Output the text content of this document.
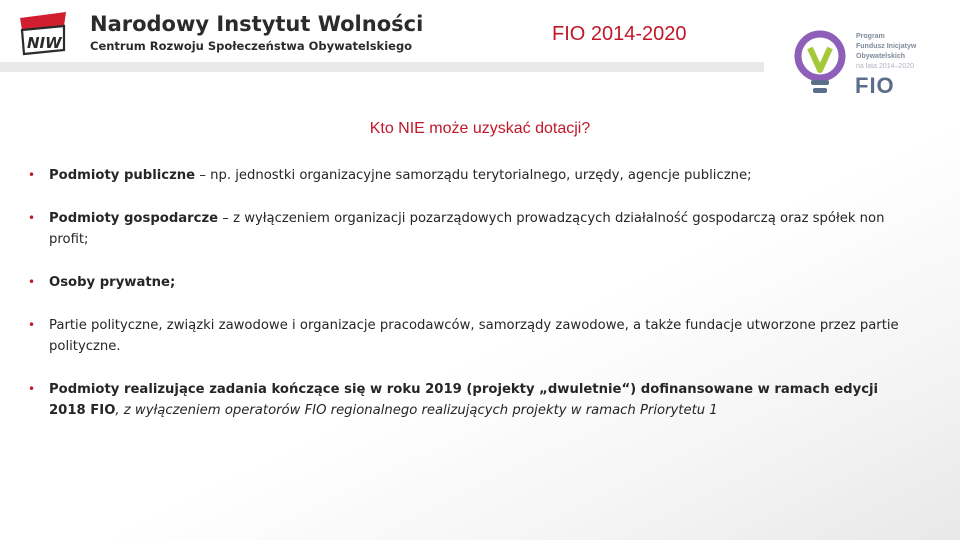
NIW
Narodowy Instytut Wolności
Centrum Rozwoju Społeczeństwa Obywatelskiego
FIO 2014-2020	Program
Fundusz Inicjatyw
Obywatelskich
na lata 2014–2020
FIO
Kto NIE może uzyskać dotacji?
• Podmioty publiczne – np. jednostki organizacyjne samorządu terytorialnego, urzędy, agencje publiczne;
• Podmioty gospodarcze – z wyłączeniem organizacji pozarządowych prowadzących działalność gospodarczą oraz spółek non profit;
• Osoby prywatne;
• Partie polityczne, związki zawodowe i organizacje pracodawców, samorządy zawodowe, a także fundacje utworzone przez partie polityczne.
• Podmioty realizujące zadania kończące się w roku 2019 (projekty „dwuletnie“) dofinansowane w ramach edycji 2018 FIO, z wyłączeniem operatorów FIO regionalnego realizujących projekty w ramach Priorytetu 1
